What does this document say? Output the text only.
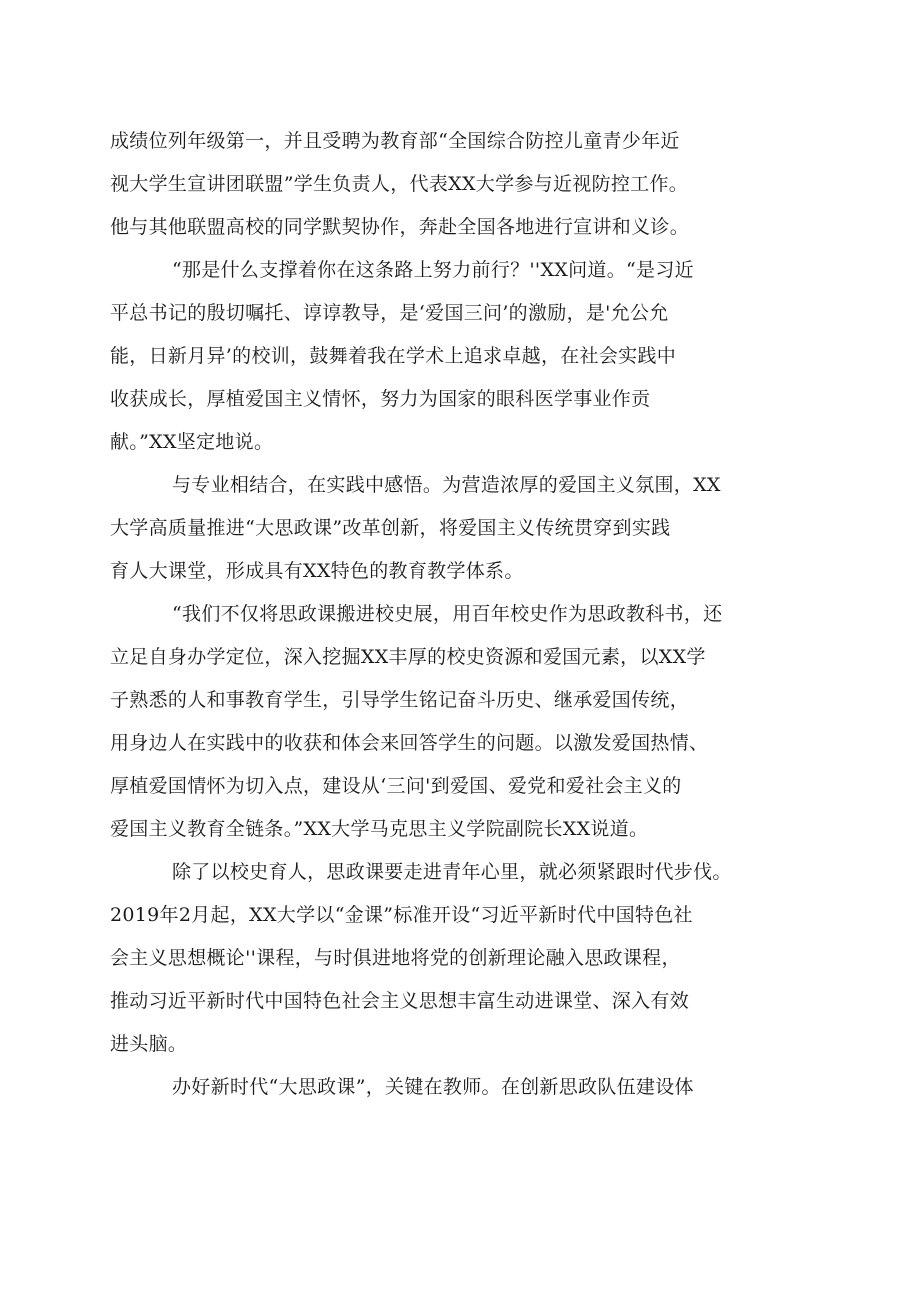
成绩位列年级第一，并且受聘为教育部“全国综合防控儿童青少年近

视大学生宣讲团联盟”学生负责人，代表XX大学参与近视防控工作。

他与其他联盟高校的同学默契协作，奔赴全国各地进行宣讲和义诊。

“那是什么支撑着你在这条路上努力前行？''XX问道。“是习近

平总书记的殷切嘱托、谆谆教导，是‘爱国三问’的激励，是'允公允

能，日新月异’的校训，鼓舞着我在学术上追求卓越，在社会实践中

收获成长，厚植爱国主义情怀，努力为国家的眼科医学事业作贡

献。”XX坚定地说。

与专业相结合，在实践中感悟。为营造浓厚的爱国主义氛围，XX

大学高质量推进“大思政课”改革创新，将爱国主义传统贯穿到实践

育人大课堂，形成具有XX特色的教育教学体系。

“我们不仅将思政课搬进校史展，用百年校史作为思政教科书，还

立足自身办学定位，深入挖掘XX丰厚的校史资源和爱国元素，以XX学

子熟悉的人和事教育学生，引导学生铭记奋斗历史、继承爱国传统，

用身边人在实践中的收获和体会来回答学生的问题。以激发爱国热情、

厚植爱国情怀为切入点，建设从‘三问'到爱国、爱党和爱社会主义的

爱国主义教育全链条。”XX大学马克思主义学院副院长XX说道。

除了以校史育人，思政课要走进青年心里，就必须紧跟时代步伐。

2019年2月起，XX大学以“金课”标准开设“习近平新时代中国特色社

会主义思想概论''课程，与时俱进地将党的创新理论融入思政课程，

推动习近平新时代中国特色社会主义思想丰富生动进课堂、深入有效

进头脑。

办好新时代“大思政课”，关键在教师。在创新思政队伍建设体
